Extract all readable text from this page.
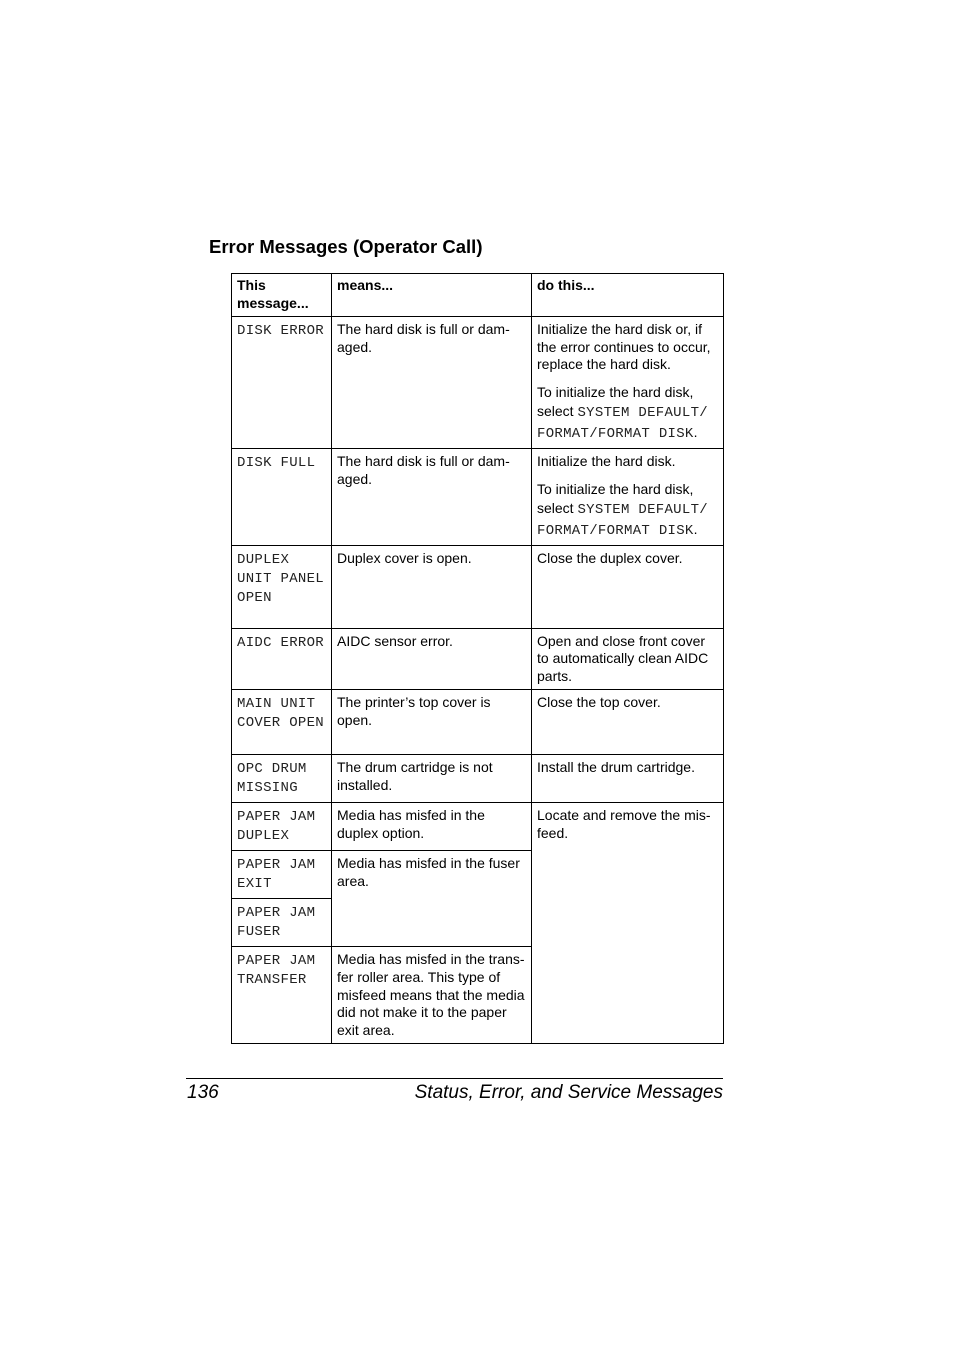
Error Messages (Operator Call)
This message...	means...	do this...

DISK ERROR	The hard disk is full or dam-aged.	Initialize the hard disk or, if the error continues to occur, replace the hard disk.
To initialize the hard disk, select SYSTEM DEFAULT/ FORMAT/FORMAT DISK.

DISK FULL	The hard disk is full or dam-aged.	Initialize the hard disk.
To initialize the hard disk, select SYSTEM DEFAULT/ FORMAT/FORMAT DISK.

DUPLEX UNIT PANEL OPEN	Duplex cover is open.	Close the duplex cover.

AIDC ERROR	AIDC sensor error.	Open and close front cover to automatically clean AIDC parts.

MAIN UNIT COVER OPEN	The printer’s top cover is open.	Close the top cover.

OPC DRUM MISSING	The drum cartridge is not installed.	Install the drum cartridge.

PAPER JAM DUPLEX	Media has misfed in the duplex option.	Locate and remove the mis-feed.

PAPER JAM EXIT	Media has misfed in the fuser area.	

PAPER JAM FUSER		

PAPER JAM TRANSFER	Media has misfed in the trans-fer roller area. This type of misfeed means that the media did not make it to the paper exit area.	
136	Status, Error, and Service Messages
